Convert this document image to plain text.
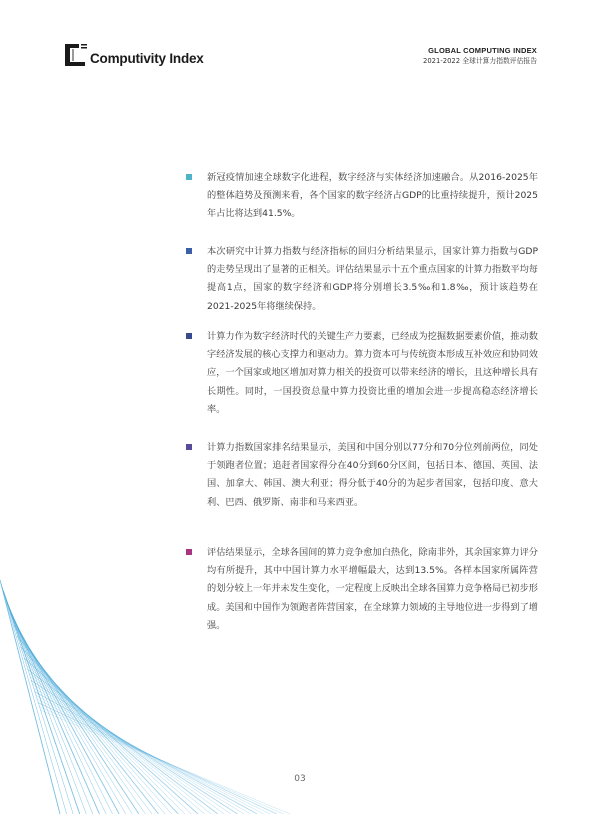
Computivity Index
GLOBAL COMPUTING INDEX
2021-2022 全球计算力指数评估报告

新冠疫情加速全球数字化进程，数字经济与实体经济加速融合。从2016-2025年的整体趋势及预测来看，各个国家的数字经济占GDP的比重持续提升，预计2025年占比将达到41.5%。

本次研究中计算力指数与经济指标的回归分析结果显示，国家计算力指数与GDP的走势呈现出了显著的正相关。评估结果显示十五个重点国家的计算力指数平均每提高1点，国家的数字经济和GDP将分别增长3.5‰和1.8‰，预计该趋势在2021-2025年将继续保持。

计算力作为数字经济时代的关键生产力要素，已经成为挖掘数据要素价值，推动数字经济发展的核心支撑力和驱动力。算力资本可与传统资本形成互补效应和协同效应，一个国家或地区增加对算力相关的投资可以带来经济的增长，且这种增长具有长期性。同时，一国投资总量中算力投资比重的增加会进一步提高稳态经济增长率。

计算力指数国家排名结果显示，美国和中国分别以77分和70分位列前两位，同处于领跑者位置；追赶者国家得分在40分到60分区间，包括日本、德国、英国、法国、加拿大、韩国、澳大利亚；得分低于40分的为起步者国家，包括印度、意大利、巴西、俄罗斯、南非和马来西亚。

评估结果显示，全球各国间的算力竞争愈加白热化，除南非外，其余国家算力评分均有所提升，其中中国计算力水平增幅最大，达到13.5%。各样本国家所属阵营的划分较上一年并未发生变化，一定程度上反映出全球各国算力竞争格局已初步形成。美国和中国作为领跑者阵营国家，在全球算力领域的主导地位进一步得到了增强。

03
